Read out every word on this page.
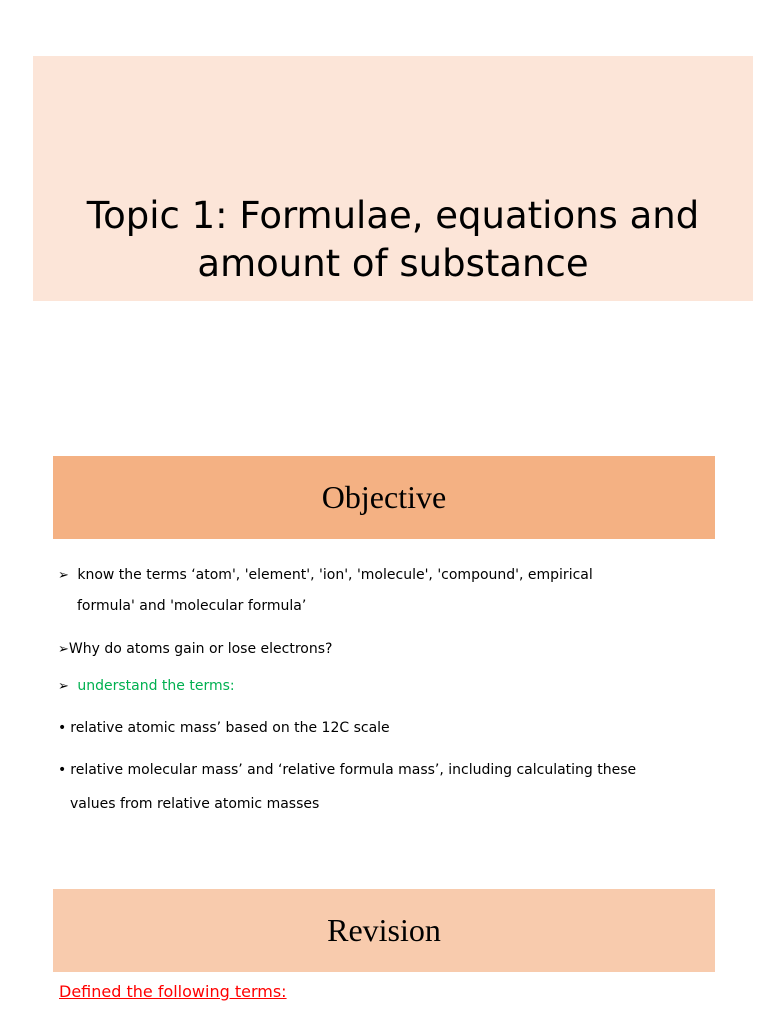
Topic 1: Formulae, equations and
amount of substance
Objective
➢ know the terms ‘atom', 'element', 'ion', 'molecule', 'compound', empirical
formula' and 'molecular formula’
➢Why do atoms gain or lose electrons?
➢ understand the terms:
• relative atomic mass’ based on the 12C scale
• relative molecular mass’ and ‘relative formula mass’, including calculating these
values from relative atomic masses
Revision
Defined the following terms:
